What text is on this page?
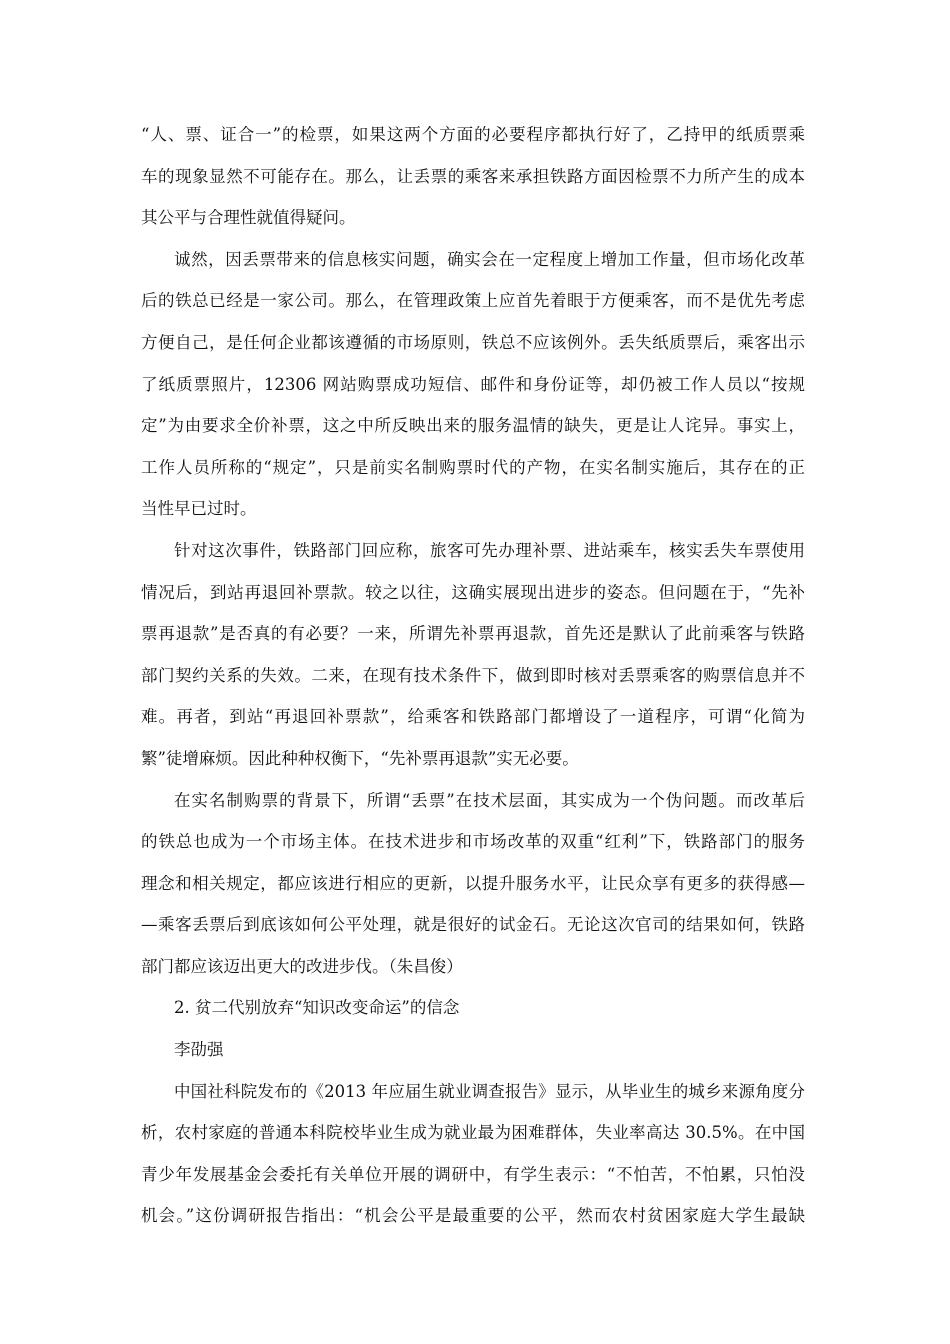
“人、票、证合一”的检票，如果这两个方面的必要程序都执行好了，乙持甲的纸质票乘
车的现象显然不可能存在。那么，让丢票的乘客来承担铁路方面因检票不力所产生的成本
其公平与合理性就值得疑问。
诚然，因丢票带来的信息核实问题，确实会在一定程度上增加工作量，但市场化改革
后的铁总已经是一家公司。那么，在管理政策上应首先着眼于方便乘客，而不是优先考虑
方便自己，是任何企业都该遵循的市场原则，铁总不应该例外。丢失纸质票后，乘客出示
了纸质票照片，12306 网站购票成功短信、邮件和身份证等，却仍被工作人员以“按规
定”为由要求全价补票，这之中所反映出来的服务温情的缺失，更是让人诧异。事实上，
工作人员所称的“规定”，只是前实名制购票时代的产物，在实名制实施后，其存在的正
当性早已过时。
针对这次事件，铁路部门回应称，旅客可先办理补票、进站乘车，核实丢失车票使用
情况后，到站再退回补票款。较之以往，这确实展现出进步的姿态。但问题在于，“先补
票再退款”是否真的有必要？一来，所谓先补票再退款，首先还是默认了此前乘客与铁路
部门契约关系的失效。二来，在现有技术条件下，做到即时核对丢票乘客的购票信息并不
难。再者，到站“再退回补票款”，给乘客和铁路部门都增设了一道程序，可谓“化简为
繁”徒增麻烦。因此种种权衡下，“先补票再退款”实无必要。
在实名制购票的背景下，所谓“丢票”在技术层面，其实成为一个伪问题。而改革后
的铁总也成为一个市场主体。在技术进步和市场改革的双重“红利”下，铁路部门的服务
理念和相关规定，都应该进行相应的更新，以提升服务水平，让民众享有更多的获得感—
—乘客丢票后到底该如何公平处理，就是很好的试金石。无论这次官司的结果如何，铁路
部门都应该迈出更大的改进步伐。（朱昌俊）
2. 贫二代别放弃“知识改变命运”的信念
李劭强
中国社科院发布的《2013 年应届生就业调查报告》显示，从毕业生的城乡来源角度分
析，农村家庭的普通本科院校毕业生成为就业最为困难群体，失业率高达 30.5%。在中国
青少年发展基金会委托有关单位开展的调研中，有学生表示：“不怕苦，不怕累，只怕没
机会。”这份调研报告指出：“机会公平是最重要的公平，然而农村贫困家庭大学生最缺
